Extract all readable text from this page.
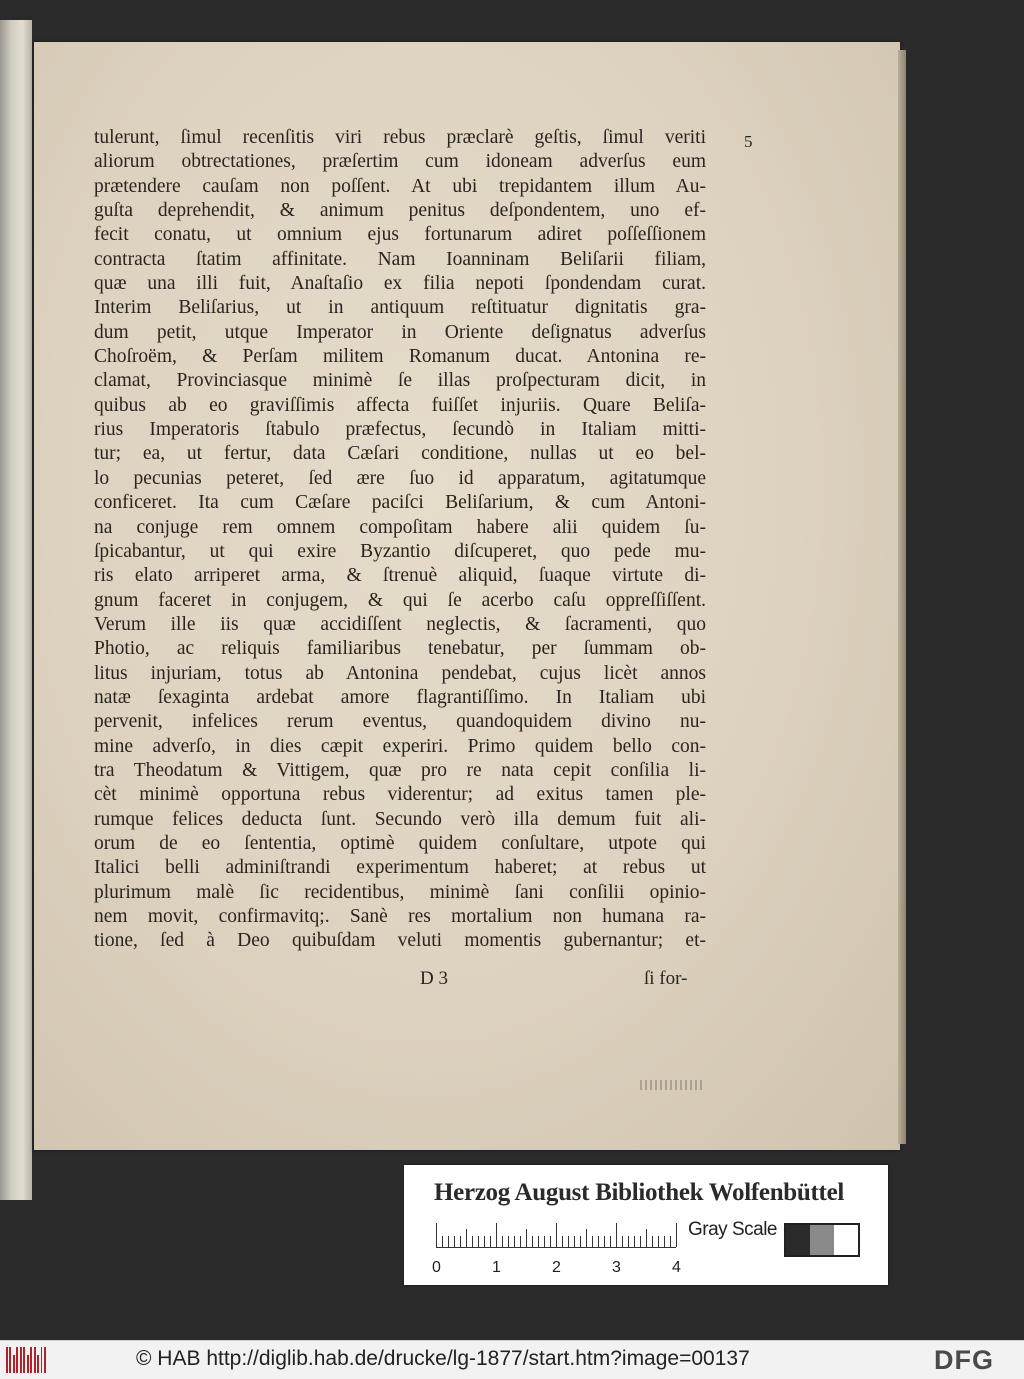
5
tulerunt, ſimul recenſitis viri rebus præclarè geſtis, ſimul veriti
aliorum obtrectationes, præſertim cum idoneam adverſus eum
prætendere cauſam non poſſent. At ubi trepidantem illum Au-
guſta deprehendit, & animum penitus deſpondentem, uno ef-
fecit conatu, ut omnium ejus fortunarum adiret poſſeſſionem
contracta ſtatim affinitate. Nam Ioanninam Beliſarii filiam,
quæ una illi fuit, Anaſtaſio ex filia nepoti ſpondendam curat.
Interim Beliſarius, ut in antiquum reſtituatur dignitatis gra-
dum petit, utque Imperator in Oriente deſignatus adverſus
Choſroëm, & Perſam militem Romanum ducat. Antonina re-
clamat, Provinciasque minimè ſe illas proſpecturam dicit, in
quibus ab eo graviſſimis affecta fuiſſet injuriis. Quare Beliſa-
rius Imperatoris ſtabulo præfectus, ſecundò in Italiam mitti-
tur; ea, ut fertur, data Cæſari conditione, nullas ut eo bel-
lo pecunias peteret, ſed ære ſuo id apparatum, agitatumque
conficeret. Ita cum Cæſare paciſci Beliſarium, & cum Antoni-
na conjuge rem omnem compoſitam habere alii quidem ſu-
ſpicabantur, ut qui exire Byzantio diſcuperet, quo pede mu-
ris elato arriperet arma, & ſtrenuè aliquid, ſuaque virtute di-
gnum faceret in conjugem, & qui ſe acerbo caſu oppreſſiſſent.
Verum ille iis quæ accidiſſent neglectis, & ſacramenti, quo
Photio, ac reliquis familiaribus tenebatur, per ſummam ob-
litus injuriam, totus ab Antonina pendebat, cujus licèt annos
natæ ſexaginta ardebat amore flagrantiſſimo. In Italiam ubi
pervenit, infelices rerum eventus, quandoquidem divino nu-
mine adverſo, in dies cæpit experiri. Primo quidem bello con-
tra Theodatum & Vittigem, quæ pro re nata cepit conſilia li-
cèt minimè opportuna rebus viderentur; ad exitus tamen ple-
rumque felices deducta ſunt. Secundo verò illa demum fuit ali-
orum de eo ſententia, optimè quidem conſultare, utpote qui
Italici belli adminiſtrandi experimentum haberet; at rebus ut
plurimum malè ſic recidentibus, minimè ſani conſilii opinio-
nem movit, confirmavitq;. Sanè res mortalium non humana ra-
tione, ſed à Deo quibuſdam veluti momentis gubernantur; et-
D 3	ſi for-
Herzog August Bibliothek Wolfenbüttel
0	1	2	3	4
Gray Scale
© HAB http://diglib.hab.de/drucke/lg-1877/start.htm?image=00137	DFG
